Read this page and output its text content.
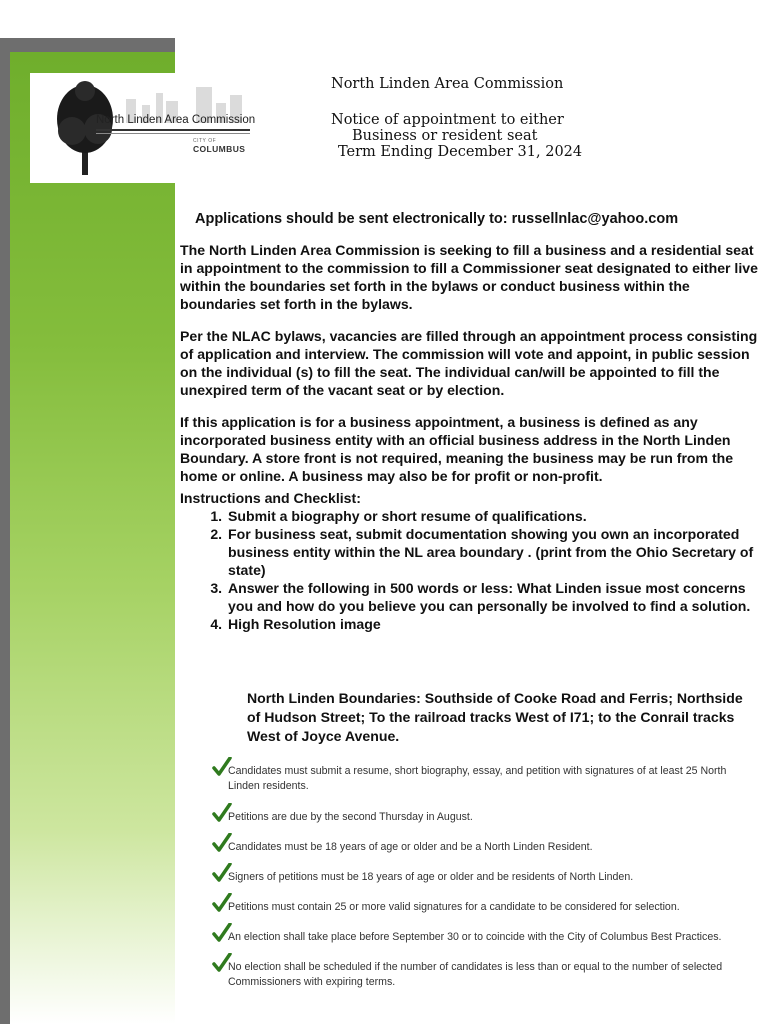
North Linden Area Commission
CITY OF
COLUMBUS
North Linden Area Commission
Notice of appointment to either
Business or resident seat
Term Ending December 31, 2024
Applications should be sent electronically to: russellnlac@yahoo.com

The North Linden Area Commission is seeking to fill a business and a residential seat in appointment to the commission to fill a Commissioner seat designated to either live within the boundaries set forth in the bylaws or conduct business within the boundaries set forth in the bylaws.

Per the NLAC bylaws, vacancies are filled through an appointment process consisting of application and interview. The commission will vote and appoint, in public session on the individual (s) to fill the seat. The individual can/will be appointed to fill the unexpired term of the vacant seat or by election.

If this application is for a business appointment, a business is defined as any incorporated business entity with an official business address in the North Linden Boundary. A store front is not required, meaning the business may be run from the home or online. A business may also be for profit or non-profit.

Instructions and Checklist:
1. Submit a biography or short resume of qualifications.
2. For business seat, submit documentation showing you own an incorporated business entity within the NL area boundary . (print from the Ohio Secretary of state)
3. Answer the following in 500 words or less: What Linden issue most concerns you and how do you believe you can personally be involved to find a solution.
4. High Resolution image
North Linden Boundaries: Southside of Cooke Road and Ferris; Northside of Hudson Street; To the railroad tracks West of I71; to the Conrail tracks West of Joyce Avenue.
Candidates must submit a resume, short biography, essay, and petition with signatures of at least 25 North Linden residents.
Petitions are due by the second Thursday in August.
Candidates must be 18 years of age or older and be a North Linden Resident.
Signers of petitions must be 18 years of age or older and be residents of North Linden.
Petitions must contain 25 or more valid signatures for a candidate to be considered for selection.
An election shall take place before September 30 or to coincide with the City of Columbus Best Practices.
No election shall be scheduled if the number of candidates is less than or equal to the number of selected Commissioners with expiring terms.
